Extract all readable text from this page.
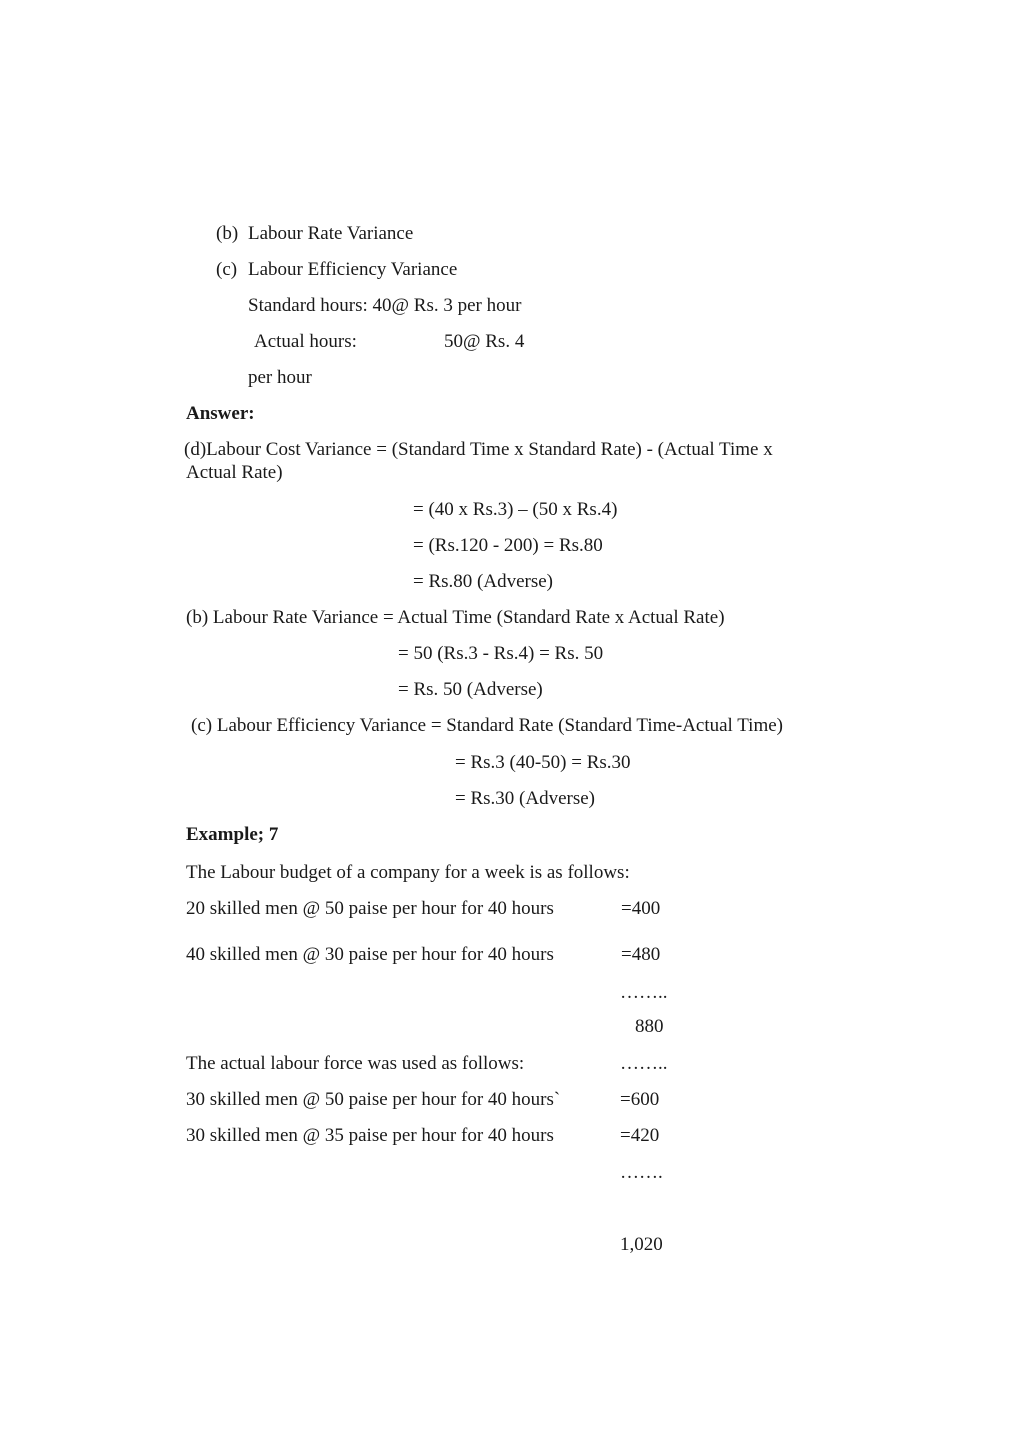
(b) Labour Rate Variance
(c) Labour Efficiency Variance
Standard hours: 40@ Rs. 3 per hour
Actual hours:	50@ Rs. 4
per hour
Answer:
(d)Labour Cost Variance = (Standard Time x Standard Rate) - (Actual Time x
Actual Rate)
= (40 x Rs.3) – (50 x Rs.4)
= (Rs.120 - 200) = Rs.80
= Rs.80 (Adverse)
(b) Labour Rate Variance = Actual Time (Standard Rate x Actual Rate)
= 50 (Rs.3 - Rs.4) = Rs. 50
= Rs. 50 (Adverse)
(c) Labour Efficiency Variance = Standard Rate (Standard Time-Actual Time)
= Rs.3 (40-50) = Rs.30
= Rs.30 (Adverse)
Example; 7
The Labour budget of a company for a week is as follows:
20 skilled men @ 50 paise per hour for 40 hours	=400
40 skilled men @ 30 paise per hour for 40 hours	=480
……..
880
The actual labour force was used as follows:	……..
30 skilled men @ 50 paise per hour for 40 hours`	=600
30 skilled men @ 35 paise per hour for 40 hours	=420
…….
1,020
